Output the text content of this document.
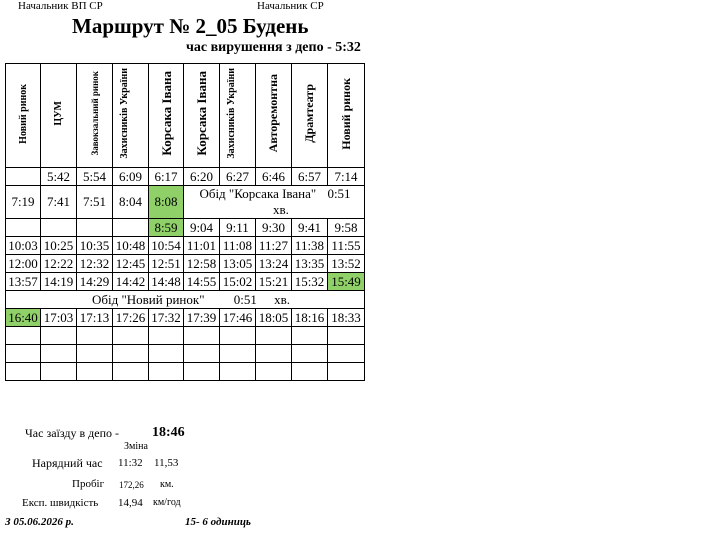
Начальник ВП СР	Начальник СР
Маршрут № 2_05 Будень
час вирушення з депо - 5:32
Новий ринок	ЦУМ	Завокзальний ринок	Захисників України	Корсака Івана	Корсака Івана	Захисників України	Авторемонтна	Драмтеатр	Новий ринок
	5:42	5:54	6:09	6:17	6:20	6:27	6:46	6:57	7:14
7:19	7:41	7:51	8:04	8:08	Обід "Корсака Івана" 0:51 хв.				
				8:59	9:04	9:11	9:30	9:41	9:58
10:03	10:25	10:35	10:48	10:54	11:01	11:08	11:27	11:38	11:55
12:00	12:22	12:32	12:45	12:51	12:58	13:05	13:24	13:35	13:52
13:57	14:19	14:29	14:42	14:48	14:55	15:02	15:21	15:32	15:49
Обід "Новий ринок" 0:51 хв.									
16:40	17:03	17:13	17:26	17:32	17:39	17:46	18:05	18:16	18:33

Час заїзду в депо - 18:46
Зміна
Нарядний час 11:32 11,53
Пробіг 172,26 км.
Експ. швидкість 14,94 км/год
З 05.06.2026 р.	15- 6 одиниць
